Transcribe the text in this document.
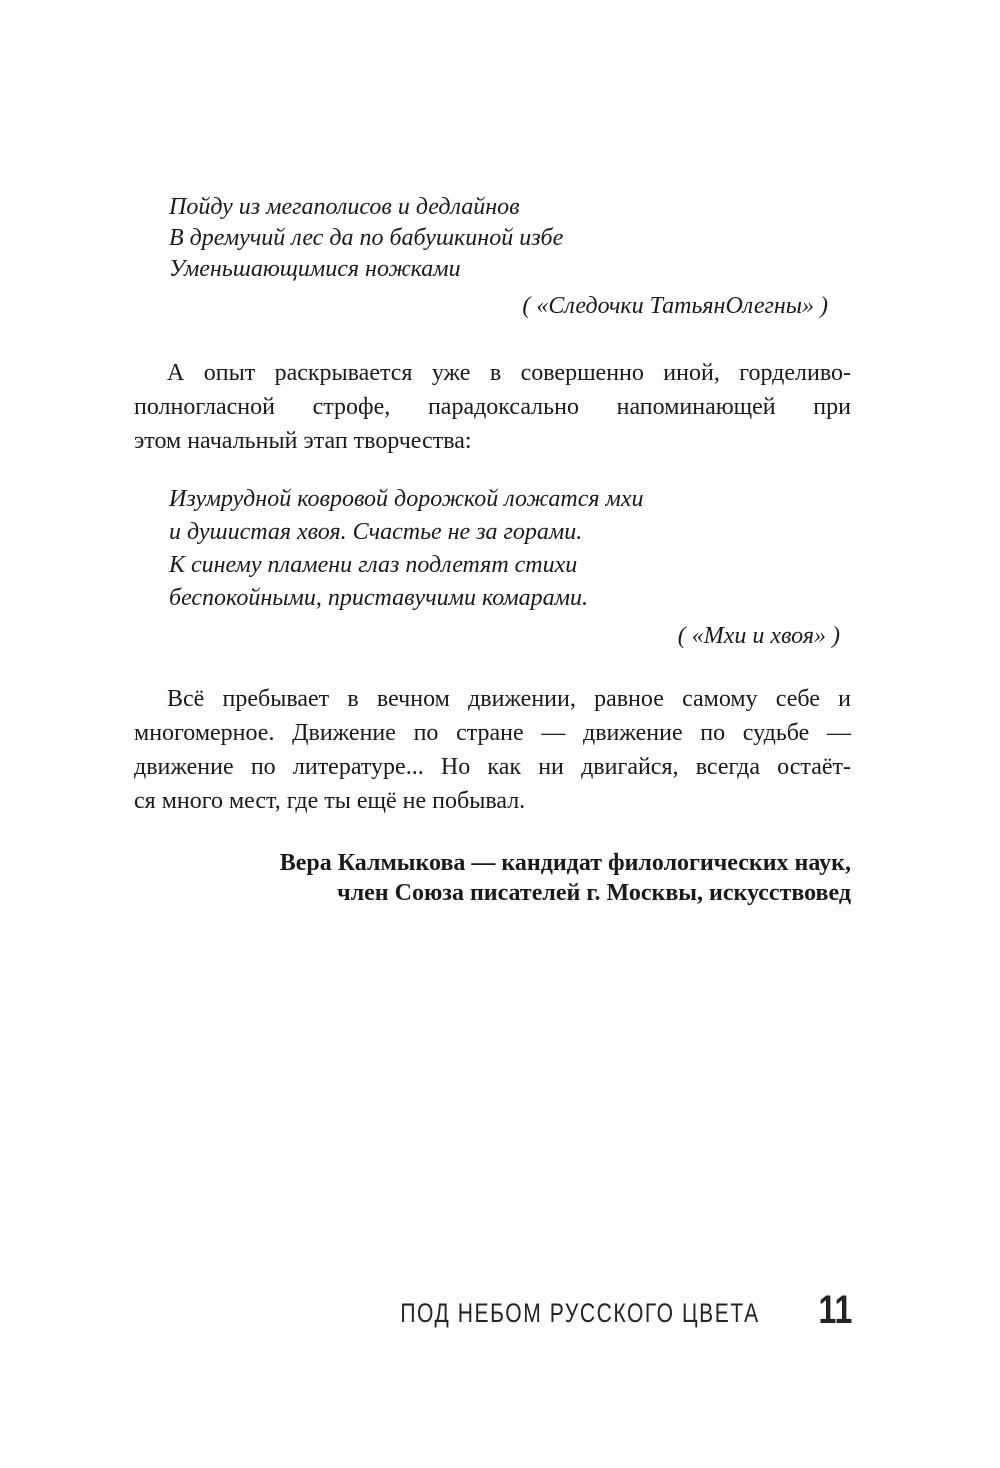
Пойду из мегаполисов и дедлайнов
В дремучий лес да по бабушкиной избе
Уменьшающимися ножками
( «Следочки ТатьянОлегны» )
А опыт раскрывается уже в совершенно иной, горделиво-
полногласной строфе, парадоксально напоминающей при
этом начальный этап творчества:
Изумрудной ковровой дорожкой ложатся мхи
и душистая хвоя. Счастье не за горами.
К синему пламени глаз подлетят стихи
беспокойными, приставучими комарами.
( «Мхи и хвоя» )
Всё пребывает в вечном движении, равное самому себе и
многомерное. Движение по стране — движение по судьбе —
движение по литературе... Но как ни двигайся, всегда остаёт-
ся много мест, где ты ещё не побывал.
Вера Калмыкова — кандидат филологических наук,
член Союза писателей г. Москвы, искусствовед
ПОД НЕБОМ РУССКОГО ЦВЕТА 11
